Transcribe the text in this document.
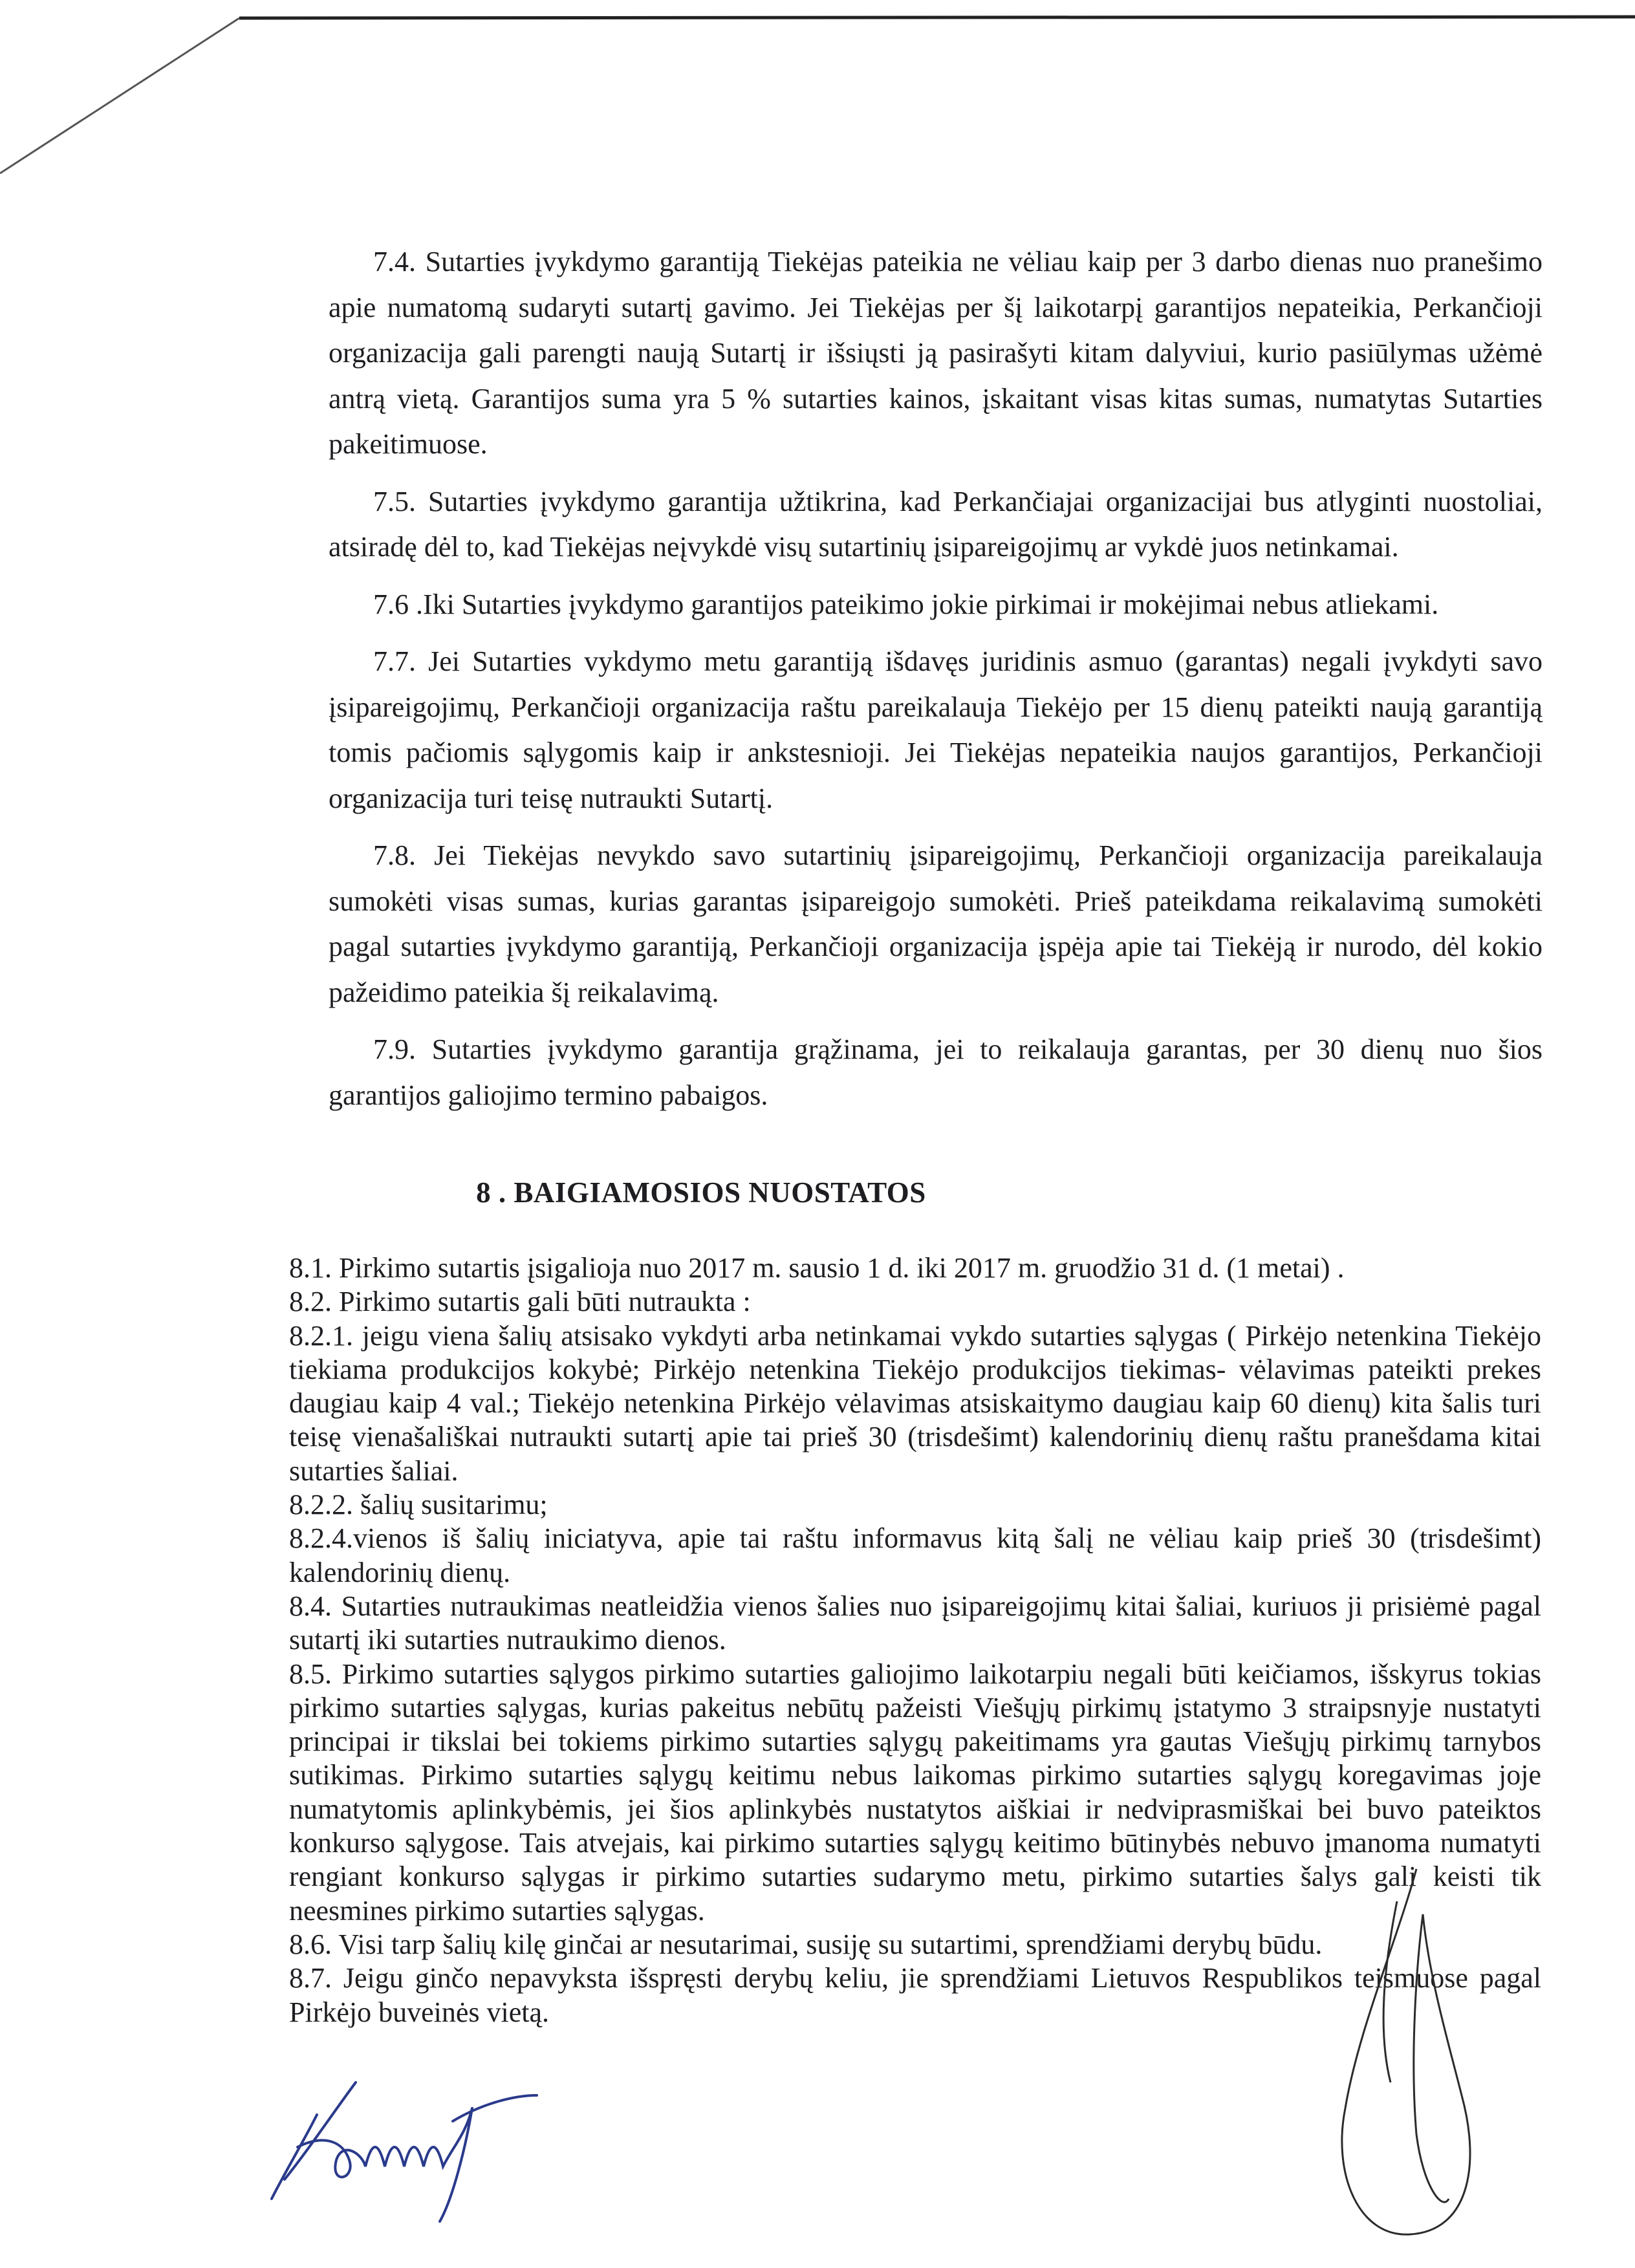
7.4. Sutarties įvykdymo garantiją Tiekėjas pateikia ne vėliau kaip per 3 darbo dienas nuo pranešimo apie numatomą sudaryti sutartį gavimo. Jei Tiekėjas per šį laikotarpį garantijos nepateikia, Perkančioji organizacija gali parengti naują Sutartį ir išsiųsti ją pasirašyti kitam dalyviui, kurio pasiūlymas užėmė antrą vietą. Garantijos suma yra 5 % sutarties kainos, įskaitant visas kitas sumas, numatytas Sutarties pakeitimuose.

7.5. Sutarties įvykdymo garantija užtikrina, kad Perkančiajai organizacijai bus atlyginti nuostoliai, atsiradę dėl to, kad Tiekėjas neįvykdė visų sutartinių įsipareigojimų ar vykdė juos netinkamai.

7.6 .Iki Sutarties įvykdymo garantijos pateikimo jokie pirkimai ir mokėjimai nebus atliekami.

7.7. Jei Sutarties vykdymo metu garantiją išdavęs juridinis asmuo (garantas) negali įvykdyti savo įsipareigojimų, Perkančioji organizacija raštu pareikalauja Tiekėjo per 15 dienų pateikti naują garantiją tomis pačiomis sąlygomis kaip ir ankstesnioji. Jei Tiekėjas nepateikia naujos garantijos, Perkančioji organizacija turi teisę nutraukti Sutartį.

7.8. Jei Tiekėjas nevykdo savo sutartinių įsipareigojimų, Perkančioji organizacija pareikalauja sumokėti visas sumas, kurias garantas įsipareigojo sumokėti. Prieš pateikdama reikalavimą sumokėti pagal sutarties įvykdymo garantiją, Perkančioji organizacija įspėja apie tai Tiekėją ir nurodo, dėl kokio pažeidimo pateikia šį reikalavimą.

7.9. Sutarties įvykdymo garantija grąžinama, jei to reikalauja garantas, per 30 dienų nuo šios garantijos galiojimo termino pabaigos.

8 . BAIGIAMOSIOS NUOSTATOS

8.1. Pirkimo sutartis įsigalioja nuo 2017 m. sausio 1 d. iki 2017 m. gruodžio 31 d. (1 metai) .

8.2. Pirkimo sutartis gali būti nutraukta :

8.2.1. jeigu viena šalių atsisako vykdyti arba netinkamai vykdo sutarties sąlygas ( Pirkėjo netenkina Tiekėjo tiekiama produkcijos kokybė; Pirkėjo netenkina Tiekėjo produkcijos tiekimas- vėlavimas pateikti prekes daugiau kaip 4 val.; Tiekėjo netenkina Pirkėjo vėlavimas atsiskaitymo daugiau kaip 60 dienų) kita šalis turi teisę vienašališkai nutraukti sutartį apie tai prieš 30 (trisdešimt) kalendorinių dienų raštu pranešdama kitai sutarties šaliai.

8.2.2. šalių susitarimu;

8.2.4.vienos iš šalių iniciatyva, apie tai raštu informavus kitą šalį ne vėliau kaip prieš 30 (trisdešimt) kalendorinių dienų.

8.4. Sutarties nutraukimas neatleidžia vienos šalies nuo įsipareigojimų kitai šaliai, kuriuos ji prisiėmė pagal sutartį iki sutarties nutraukimo dienos.

8.5. Pirkimo sutarties sąlygos pirkimo sutarties galiojimo laikotarpiu negali būti keičiamos, išskyrus tokias pirkimo sutarties sąlygas, kurias pakeitus nebūtų pažeisti Viešųjų pirkimų įstatymo 3 straipsnyje nustatyti principai ir tikslai bei tokiems pirkimo sutarties sąlygų pakeitimams yra gautas Viešųjų pirkimų tarnybos sutikimas. Pirkimo sutarties sąlygų keitimu nebus laikomas pirkimo sutarties sąlygų koregavimas joje numatytomis aplinkybėmis, jei šios aplinkybės nustatytos aiškiai ir nedviprasmiškai bei buvo pateiktos konkurso sąlygose. Tais atvejais, kai pirkimo sutarties sąlygų keitimo būtinybės nebuvo įmanoma numatyti rengiant konkurso sąlygas ir pirkimo sutarties sudarymo metu, pirkimo sutarties šalys gali keisti tik neesmines pirkimo sutarties sąlygas.

8.6. Visi tarp šalių kilę ginčai ar nesutarimai, susiję su sutartimi, sprendžiami derybų būdu.

8.7. Jeigu ginčo nepavyksta išspręsti derybų keliu, jie sprendžiami Lietuvos Respublikos teismuose pagal Pirkėjo buveinės vietą.
